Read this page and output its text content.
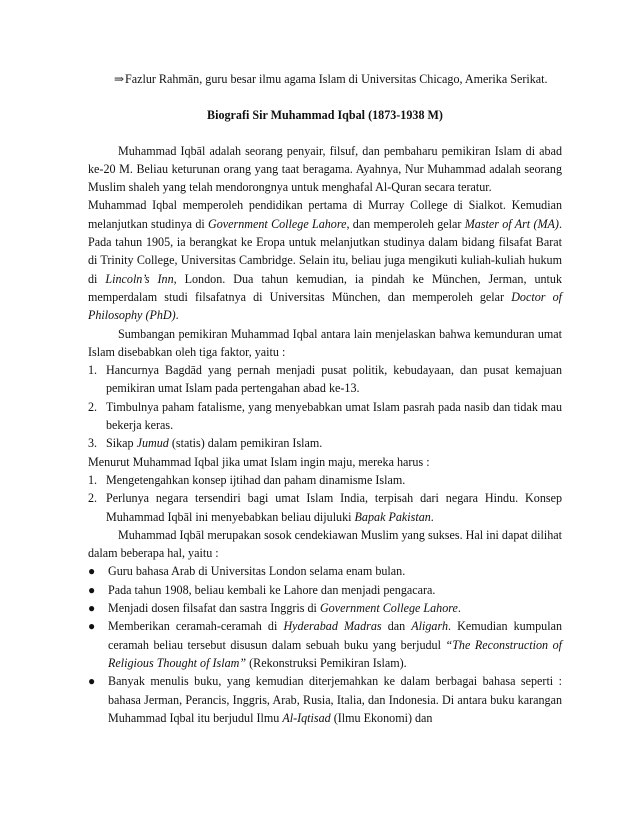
⇒ Fazlur Rahmān, guru besar ilmu agama Islam di Universitas Chicago, Amerika Serikat.
Biografi Sir Muhammad Iqbal (1873-1938 M)

Muhammad Iqbāl adalah seorang penyair, filsuf, dan pembaharu pemikiran Islam di abad ke-20 M. Beliau keturunan orang yang taat beragama. Ayahnya, Nur Muhammad adalah seorang Muslim shaleh yang telah mendorongnya untuk menghafal Al-Quran secara teratur.

Muhammad Iqbal memperoleh pendidikan pertama di Murray College di Sialkot. Kemudian melanjutkan studinya di Government College Lahore, dan memperoleh gelar Master of Art (MA). Pada tahun 1905, ia berangkat ke Eropa untuk melanjutkan studinya dalam bidang filsafat Barat di Trinity College, Universitas Cambridge. Selain itu, beliau juga mengikuti kuliah-kuliah hukum di Lincoln’s Inn, London. Dua tahun kemudian, ia pindah ke München, Jerman, untuk memperdalam studi filsafatnya di Universitas München, dan memperoleh gelar Doctor of Philosophy (PhD).

Sumbangan pemikiran Muhammad Iqbal antara lain menjelaskan bahwa kemunduran umat Islam disebabkan oleh tiga faktor, yaitu :

1. Hancurnya Bagdād yang pernah menjadi pusat politik, kebudayaan, dan pusat kemajuan pemikiran umat Islam pada pertengahan abad ke-13.
2. Timbulnya paham fatalisme, yang menyebabkan umat Islam pasrah pada nasib dan tidak mau bekerja keras.
3. Sikap Jumud (statis) dalam pemikiran Islam.

Menurut Muhammad Iqbal jika umat Islam ingin maju, mereka harus :

1. Mengetengahkan konsep ijtihad dan paham dinamisme Islam.
2. Perlunya negara tersendiri bagi umat Islam India, terpisah dari negara Hindu. Konsep Muhammad Iqbāl ini menyebabkan beliau dijuluki Bapak Pakistan.

Muhammad Iqbāl merupakan sosok cendekiawan Muslim yang sukses. Hal ini dapat dilihat dalam beberapa hal, yaitu :

● Guru bahasa Arab di Universitas London selama enam bulan.
● Pada tahun 1908, beliau kembali ke Lahore dan menjadi pengacara.
● Menjadi dosen filsafat dan sastra Inggris di Government College Lahore.
● Memberikan ceramah-ceramah di Hyderabad Madras dan Aligarh. Kemudian kumpulan ceramah beliau tersebut disusun dalam sebuah buku yang berjudul “The Reconstruction of Religious Thought of Islam” (Rekonstruksi Pemikiran Islam).
● Banyak menulis buku, yang kemudian diterjemahkan ke dalam berbagai bahasa seperti : bahasa Jerman, Perancis, Inggris, Arab, Rusia, Italia, dan Indonesia. Di antara buku karangan Muhammad Iqbal itu berjudul Ilmu Al-Iqtisad (Ilmu Ekonomi) dan
